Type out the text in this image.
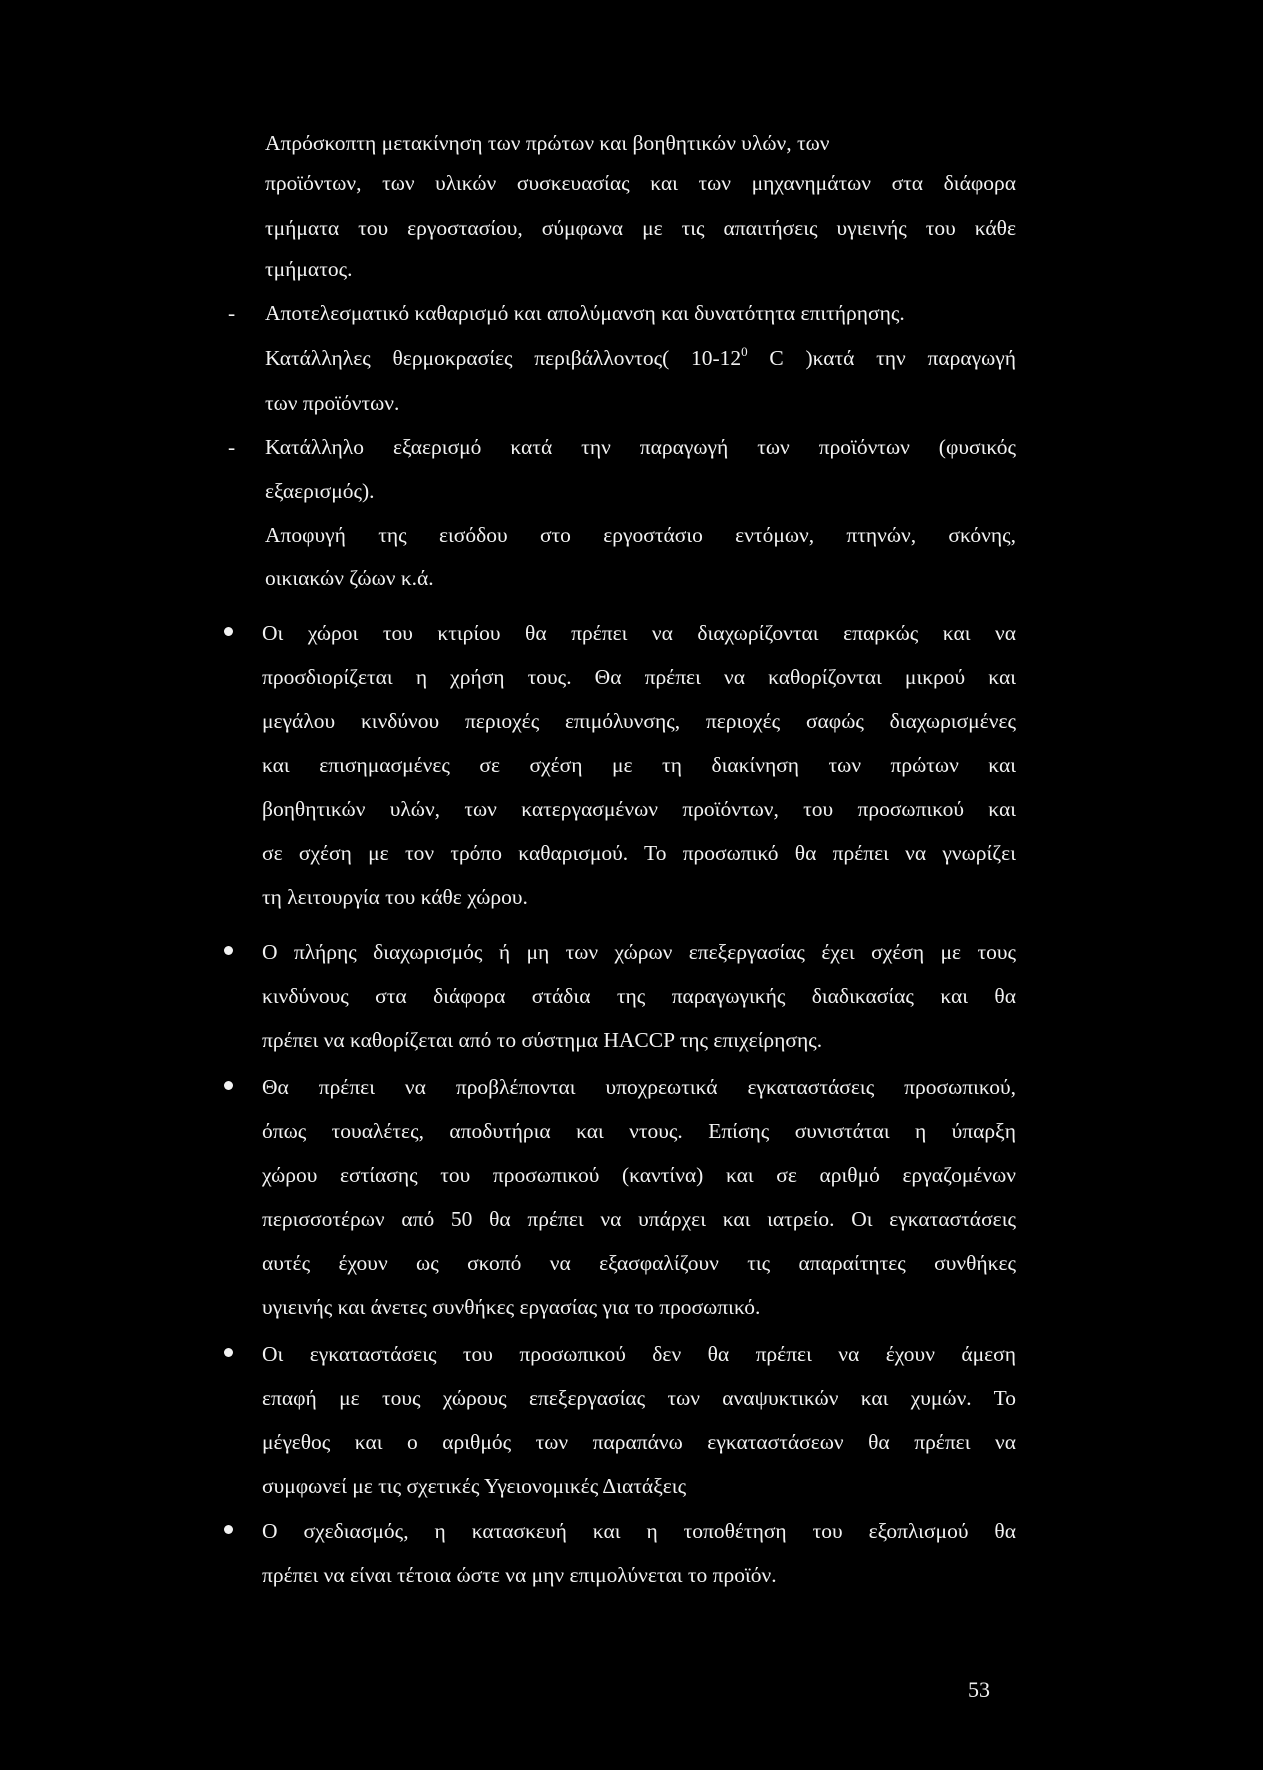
Απρόσκοπτη μετακίνηση των πρώτων και βοηθητικών υλών, των
προϊόντων, των υλικών συσκευασίας και των μηχανημάτων στα διάφορα
τμήματα του εργοστασίου, σύμφωνα με τις απαιτήσεις υγιεινής του κάθε
τμήματος.
- Αποτελεσματικό καθαρισμό και απολύμανση και δυνατότητα επιτήρησης.
Κατάλληλες θερμοκρασίες περιβάλλοντος( $10-12^0$ C )κατά την παραγωγή
των προϊόντων.
- Κατάλληλο εξαερισμό κατά την παραγωγή των προϊόντων (φυσικός
εξαερισμός).
Αποφυγή της εισόδου στο εργοστάσιο εντόμων, πτηνών, σκόνης,
οικιακών ζώων κ.ά.
Οι χώροι του κτιρίου θα πρέπει να διαχωρίζονται επαρκώς και να
προσδιορίζεται η χρήση τους. Θα πρέπει να καθορίζονται μικρού και
μεγάλου κινδύνου περιοχές επιμόλυνσης, περιοχές σαφώς διαχωρισμένες
και επισημασμένες σε σχέση με τη διακίνηση των πρώτων και
βοηθητικών υλών, των κατεργασμένων προϊόντων, του προσωπικού και
σε σχέση με τον τρόπο καθαρισμού. Το προσωπικό θα πρέπει να γνωρίζει
τη λειτουργία του κάθε χώρου.
Ο πλήρης διαχωρισμός ή μη των χώρων επεξεργασίας έχει σχέση με τους
κινδύνους στα διάφορα στάδια της παραγωγικής διαδικασίας και θα
πρέπει να καθορίζεται από το σύστημα HACCP της επιχείρησης.
Θα πρέπει να προβλέπονται υποχρεωτικά εγκαταστάσεις προσωπικού,
όπως τουαλέτες, αποδυτήρια και ντους. Επίσης συνιστάται η ύπαρξη
χώρου εστίασης του προσωπικού (καντίνα) και σε αριθμό εργαζομένων
περισσοτέρων από 50 θα πρέπει να υπάρχει και ιατρείο. Οι εγκαταστάσεις
αυτές έχουν ως σκοπό να εξασφαλίζουν τις απαραίτητες συνθήκες
υγιεινής και άνετες συνθήκες εργασίας για το προσωπικό.
Οι εγκαταστάσεις του προσωπικού δεν θα πρέπει να έχουν άμεση
επαφή με τους χώρους επεξεργασίας των αναψυκτικών και χυμών. Το
μέγεθος και ο αριθμός των παραπάνω εγκαταστάσεων θα πρέπει να
συμφωνεί με τις σχετικές Υγειονομικές Διατάξεις
Ο σχεδιασμός, η κατασκευή και η τοποθέτηση του εξοπλισμού θα
πρέπει να είναι τέτοια ώστε να μην επιμολύνεται το προϊόν.
53
